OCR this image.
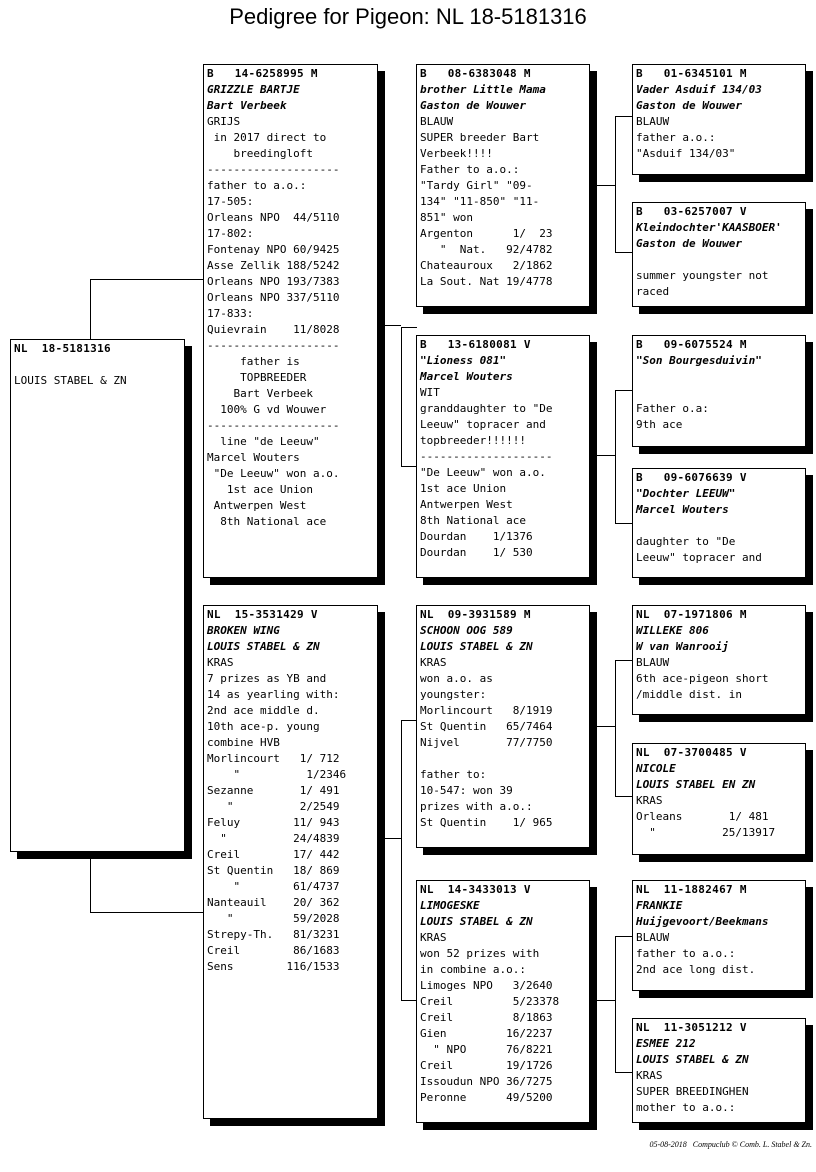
Pedigree for Pigeon: NL 18-5181316
NL  18-5181316
LOUIS STABEL & ZN
B   14-6258995 M
GRIZZLE BARTJE
Bart Verbeek
GRIJS
in 2017 direct to
breedingloft
--------------------
father to a.o.:
17-505:
Orleans NPO  44/5110
17-802:
Fontenay NPO 60/9425
Asse Zellik 188/5242
Orleans NPO 193/7383
Orleans NPO 337/5110
17-833:
Quievrain    11/8028
--------------------
father is
TOPBREEDER
Bart Verbeek
100% G vd Wouwer
--------------------
line "de Leeuw"
Marcel Wouters
"De Leeuw" won a.o.
1st ace Union
Antwerpen West
8th National ace
NL  15-3531429 V
BROKEN WING
LOUIS STABEL & ZN
KRAS
7 prizes as YB and
14 as yearling with:
2nd ace middle d.
10th ace-p. young
combine HVB
Morlincourt   1/ 712
"          1/2346
Sezanne       1/ 491
"          2/2549
Feluy        11/ 943
"          24/4839
Creil        17/ 442
St Quentin   18/ 869
"        61/4737
Nanteauil    20/ 362
"         59/2028
Strepy-Th.   81/3231
Creil        86/1683
Sens        116/1533
B   08-6383048 M
brother Little Mama
Gaston de Wouwer
BLAUW
SUPER breeder Bart
Verbeek!!!!
Father to a.o.:
"Tardy Girl" "09-
134" "11-850" "11-
851" won
Argenton      1/  23
"  Nat.   92/4782
Chateauroux   2/1862
La Sout. Nat 19/4778
B   13-6180081 V
"Lioness 081"
Marcel Wouters
WIT
granddaughter to "De
Leeuw" topracer and
topbreeder!!!!!!
--------------------
"De Leeuw" won a.o.
1st ace Union
Antwerpen West
8th National ace
Dourdan    1/1376
Dourdan    1/ 530
NL  09-3931589 M
SCHOON OOG 589
LOUIS STABEL & ZN
KRAS
won a.o. as
youngster:
Morlincourt   8/1919
St Quentin   65/7464
Nijvel       77/7750
father to:
10-547: won 39
prizes with a.o.:
St Quentin    1/ 965
NL  14-3433013 V
LIMOGESKE
LOUIS STABEL & ZN
KRAS
won 52 prizes with
in combine a.o.:
Limoges NPO   3/2640
Creil         5/23378
Creil         8/1863
Gien         16/2237
" NPO      76/8221
Creil        19/1726
Issoudun NPO 36/7275
Peronne      49/5200
B   01-6345101 M
Vader Asduif 134/03
Gaston de Wouwer
BLAUW
father a.o.:
"Asduif 134/03"
B   03-6257007 V
Kleindochter'KAASBOER'
Gaston de Wouwer
summer youngster not
raced
B   09-6075524 M
"Son Bourgesduivin"
Father o.a:
9th ace
B   09-6076639 V
"Dochter LEEUW"
Marcel Wouters
daughter to "De
Leeuw" topracer and
NL  07-1971806 M
WILLEKE 806
W van Wanrooij
BLAUW
6th ace-pigeon short
/middle dist. in
NL  07-3700485 V
NICOLE
LOUIS STABEL EN ZN
KRAS
Orleans       1/ 481
"          25/13917
NL  11-1882467 M
FRANKIE
Huijgevoort/Beekmans
BLAUW
father to a.o.:
2nd ace long dist.
NL  11-3051212 V
ESMEE 212
LOUIS STABEL & ZN
KRAS
SUPER BREEDINGHEN
mother to a.o.:
05-08-2018   Compuclub © Comb. L. Stabel & Zn.
